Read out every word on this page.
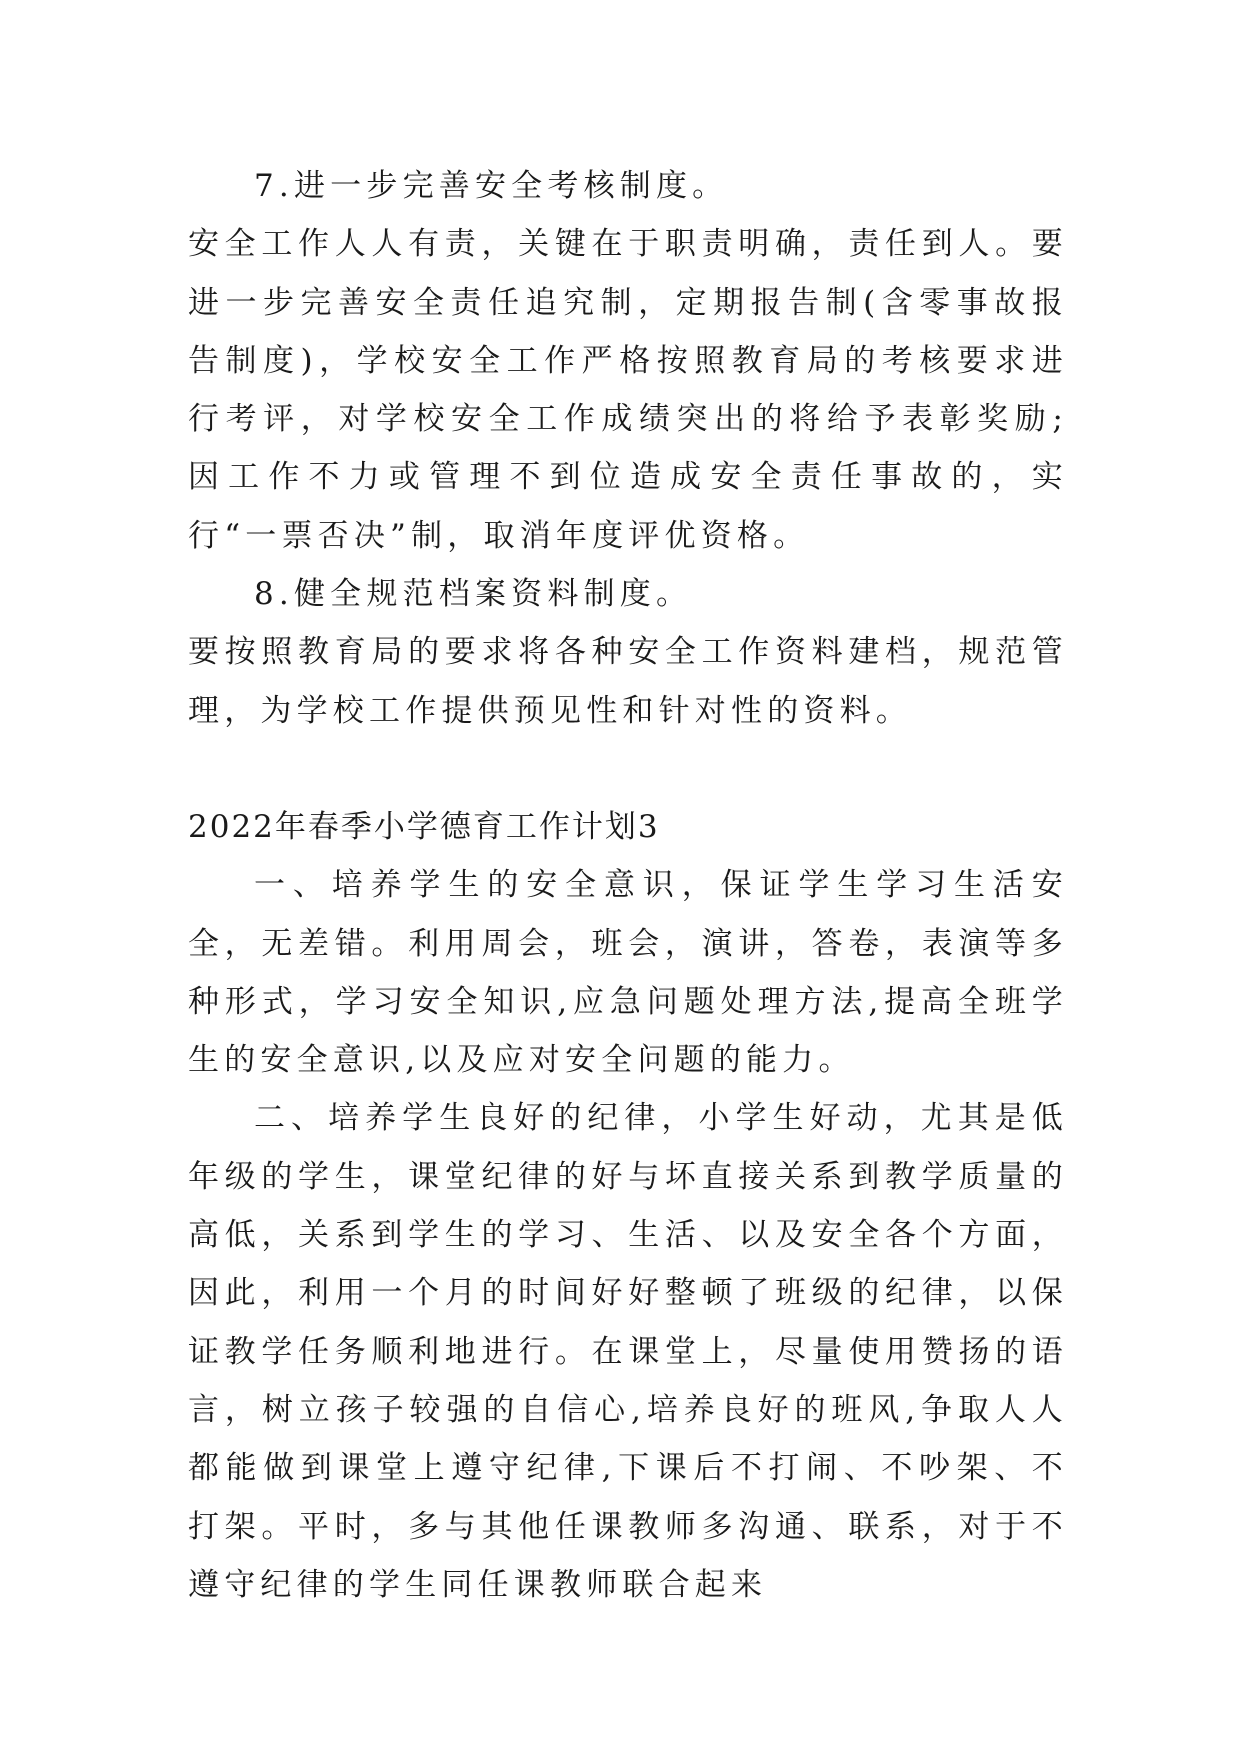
7.进一步完善安全考核制度。

安全工作人人有责，关键在于职责明确，责任到人。要进一步完善安全责任追究制，定期报告制(含零事故报告制度)，学校安全工作严格按照教育局的考核要求进行考评，对学校安全工作成绩突出的将给予表彰奖励;因工作不力或管理不到位造成安全责任事故的，实行“一票否决”制，取消年度评优资格。

8.健全规范档案资料制度。

要按照教育局的要求将各种安全工作资料建档，规范管理，为学校工作提供预见性和针对性的资料。

2022年春季小学德育工作计划3

一、培养学生的安全意识，保证学生学习生活安全，无差错。利用周会，班会，演讲，答卷，表演等多种形式，学习安全知识,应急问题处理方法,提高全班学生的安全意识,以及应对安全问题的能力。

二、培养学生良好的纪律，小学生好动，尤其是低年级的学生，课堂纪律的好与坏直接关系到教学质量的高低，关系到学生的学习、生活、以及安全各个方面，因此，利用一个月的时间好好整顿了班级的纪律，以保证教学任务顺利地进行。在课堂上，尽量使用赞扬的语言，树立孩子较强的自信心,培养良好的班风,争取人人都能做到课堂上遵守纪律,下课后不打闹、不吵架、不打架。平时，多与其他任课教师多沟通、联系，对于不遵守纪律的学生同任课教师联合起来
